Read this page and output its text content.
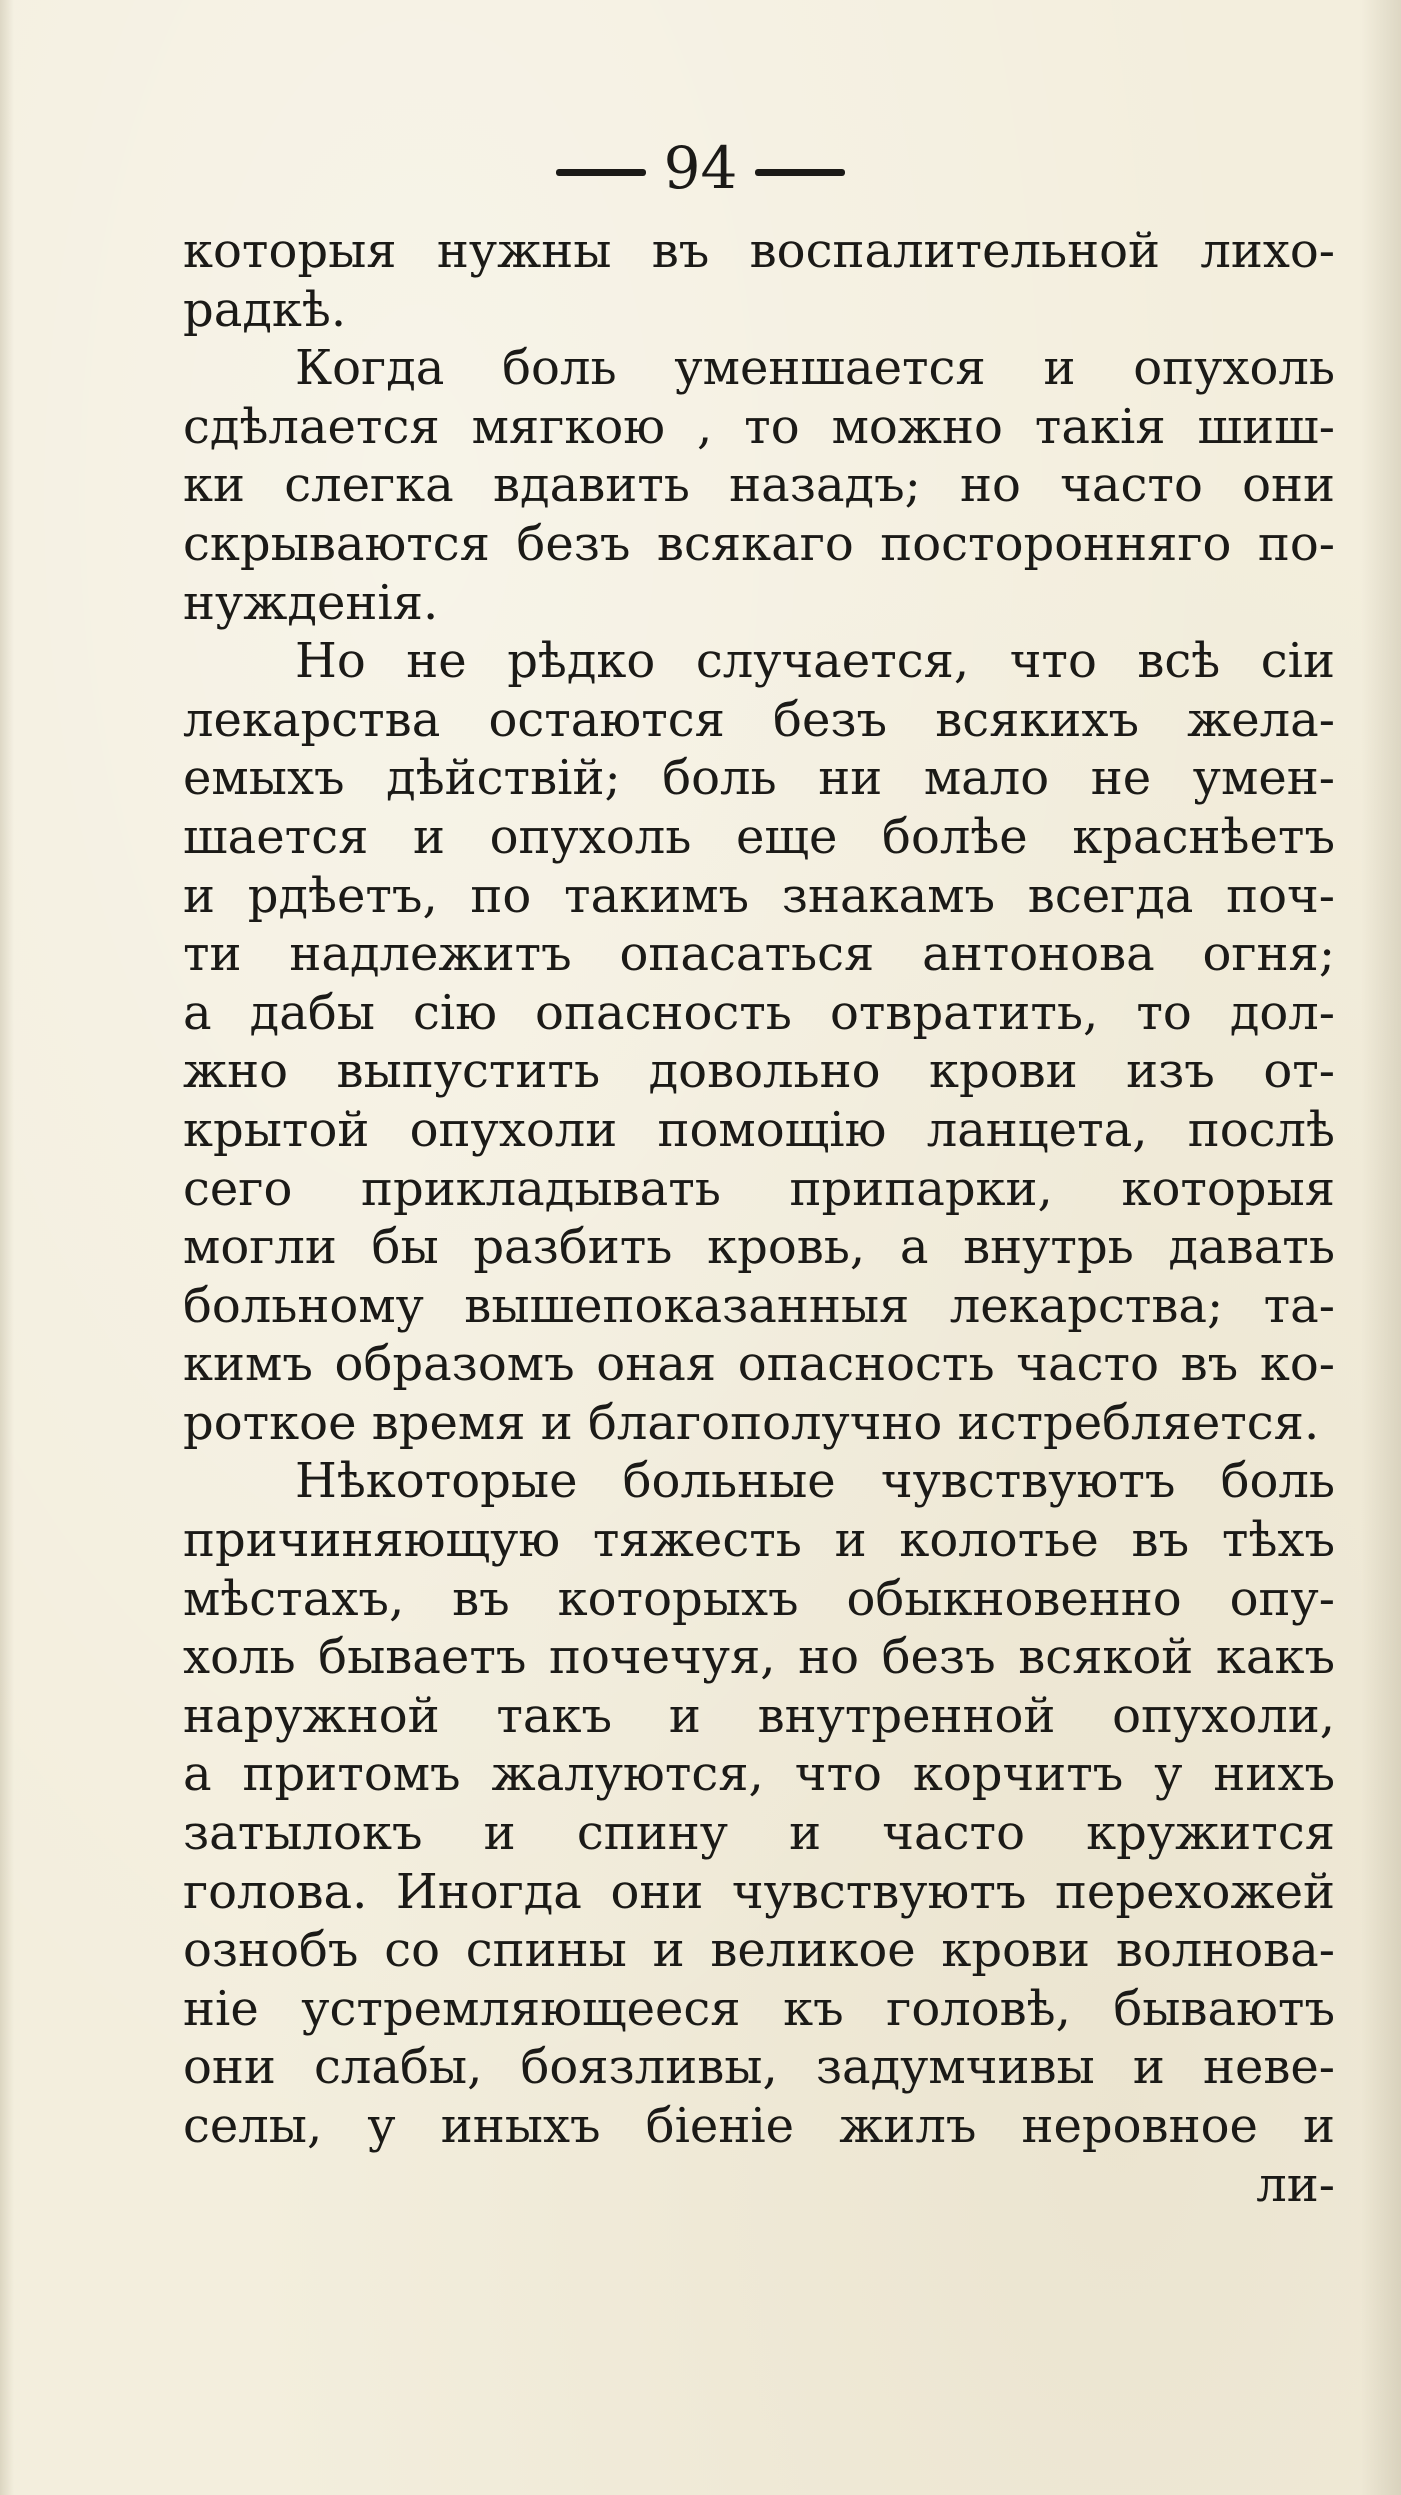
94
которыя нужны въ воспалительной лихо-
радкѣ.
Когда боль уменшается и опухоль
сдѣлается мягкою , то можно такія шиш-
ки слегка вдавить назадъ; но часто они
скрываются безъ всякаго посторонняго по-
нужденія.
Но не рѣдко случается, что всѣ сіи
лекарства остаются безъ всякихъ жела-
емыхъ дѣйствій; боль ни мало не умен-
шается и опухоль еще болѣе краснѣетъ
и рдѣетъ, по такимъ знакамъ всегда поч-
ти надлежитъ опасаться антонова огня;
а дабы сію опасность отвратить, то дол-
жно выпустить довольно крови изъ от-
крытой опухоли помощію ланцета, послѣ
сего прикладывать припарки, которыя
могли бы разбить кровь, а внутрь давать
больному вышепоказанныя лекарства; та-
кимъ образомъ оная опасность часто въ ко-
роткое время и благополучно истребляется.
Нѣкоторые больные чувствуютъ боль
причиняющую тяжесть и колотье въ тѣхъ
мѣстахъ, въ которыхъ обыкновенно опу-
холь бываетъ почечуя, но безъ всякой какъ
наружной такъ и внутренной опухоли,
а притомъ жалуются, что корчитъ у нихъ
затылокъ и спину и часто кружится
голова. Иногда они чувствуютъ перехожей
ознобъ со спины и великое крови волнова-
ніе устремляющееся къ головѣ, бываютъ
они слабы, боязливы, задумчивы и неве-
селы, у иныхъ біеніе жилъ неровное и
ли-
